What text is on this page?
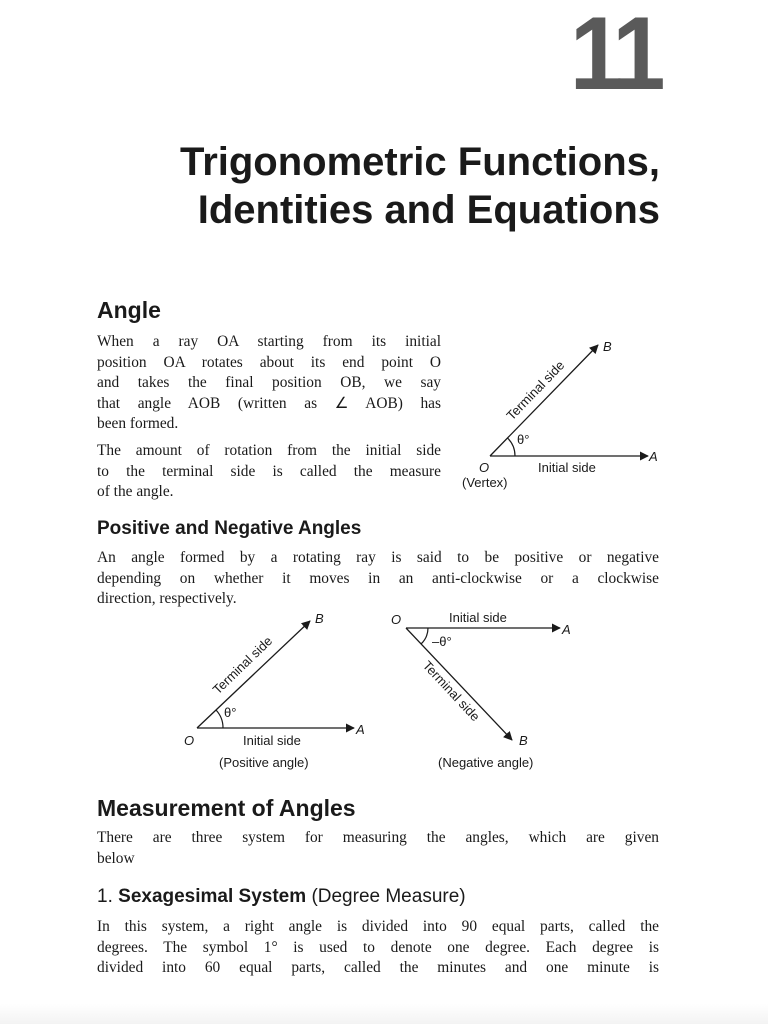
11
Trigonometric Functions,
Identities and Equations
Angle
When a ray OA starting from its initial
position OA rotates about its end point O
and takes the final position OB, we say
that angle AOB (written as ∠ AOB) has
been formed.
The amount of rotation from the initial side
to the terminal side is called the measure
of the angle.
Positive and Negative Angles
An angle formed by a rotating ray is said to be positive or negative
depending on whether it moves in an anti-clockwise or a clockwise
direction, respectively.
Measurement of Angles
There are three system for measuring the angles, which are given
below
1. Sexagesimal System (Degree Measure)
In this system, a right angle is divided into 90 equal parts, called the
degrees. The symbol 1° is used to denote one degree. Each degree is
divided into 60 equal parts, called the minutes and one minute is
θ°
Initial side
Terminal side
A
B
O
(Vertex)
θ°
Initial side
Terminal side
A
B
O
(Positive angle)
–θ°
Initial side
Terminal side
A
B
O
(Negative angle)
